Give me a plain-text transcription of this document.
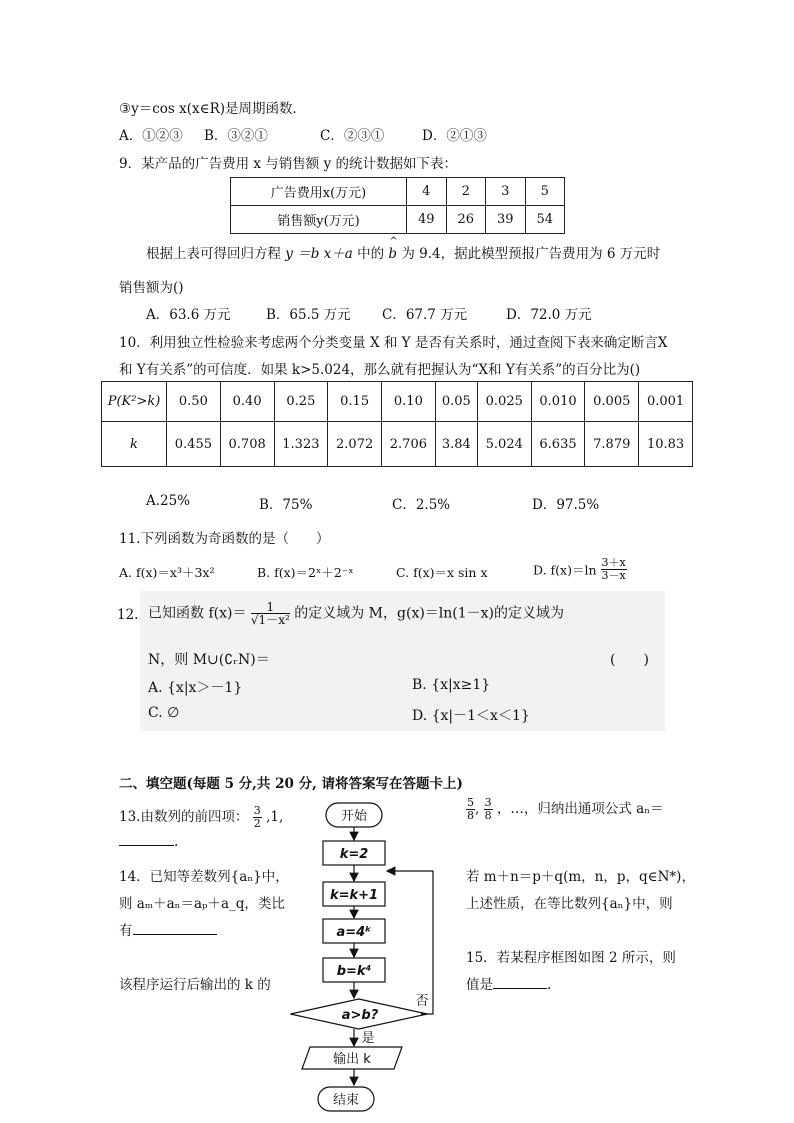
③y＝cos x(x∈R)是周期函数．
A．①②③ B．③②①	C．②③①	D．②①③
9．某产品的广告费用 x 与销售额 y 的统计数据如下表：
广告费用x(万元)	4	2	3	5
销售额y(万元)	49	26	39	54
根据上表可得回归方程 y ＝b x＋a 中的 ^ b 为 9.4，据此模型预报广告费用为 6 万元时
销售额为()
A．63.6 万元	B．65.5 万元 C．67.7 万元	D．72.0 万元
10．利用独立性检验来考虑两个分类变量 X 和 Y 是否有关系时，通过查阅下表来确定断言X
和 Y有关系”的可信度．如果 k>5.024，那么就有把握认为“X和 Y有关系”的百分比为()
P(K²>k)	0.50	0.40	0.25	0.15	0.10	0.05	0.025	0.010	0.005	0.001
k	0.455	0.708	1.323	2.072	2.706	3.84	5.024	6.635	7.879	10.83
A.25%	B．75%	C．2.5%	D．97.5%
11.下列函数为奇函数的是（　　）
A. f(x)＝x³＋3x²	B. f(x)＝2ˣ＋2⁻ˣ	C. f(x)＝x sin x	D. $f(x)=\ln \frac{3+x}{3-x}$
12. 已知函数 $f(x)= \frac{1}{\text{√1－x²}}$ 的定义域为 M，g(x)＝ln(1－x)的定义域为
N，则 M∪(∁ᵣN)＝	(　　)
A. {x|x＞－1}	B. {x|x≥1}
C. ∅	D. {x|－1＜x＜1}
二、填空题(每题 5 分,共 20 分, 请将答案写在答题卡上)
13.由数列的前四项： $\frac{3}{2} ,1$,
.
$\frac{5}{8}$ , $\frac{3}{8}$ ，…，归纳出通项公式 aₙ＝
14．已知等差数列{aₙ}中，
则 aₘ＋aₙ＝aₚ＋a_q，类比
有
若 m＋n＝p＋q(m，n，p，q∈N*)，
上述性质，在等比数列{aₙ}中，则
15．若某程序框图如图 2 所示，则
该程序运行后输出的 k 的	值是	.
开始
k=2
k=k+1
a=4ᵏ
b=k⁴
a>b?
否
是
输出 k
结束
